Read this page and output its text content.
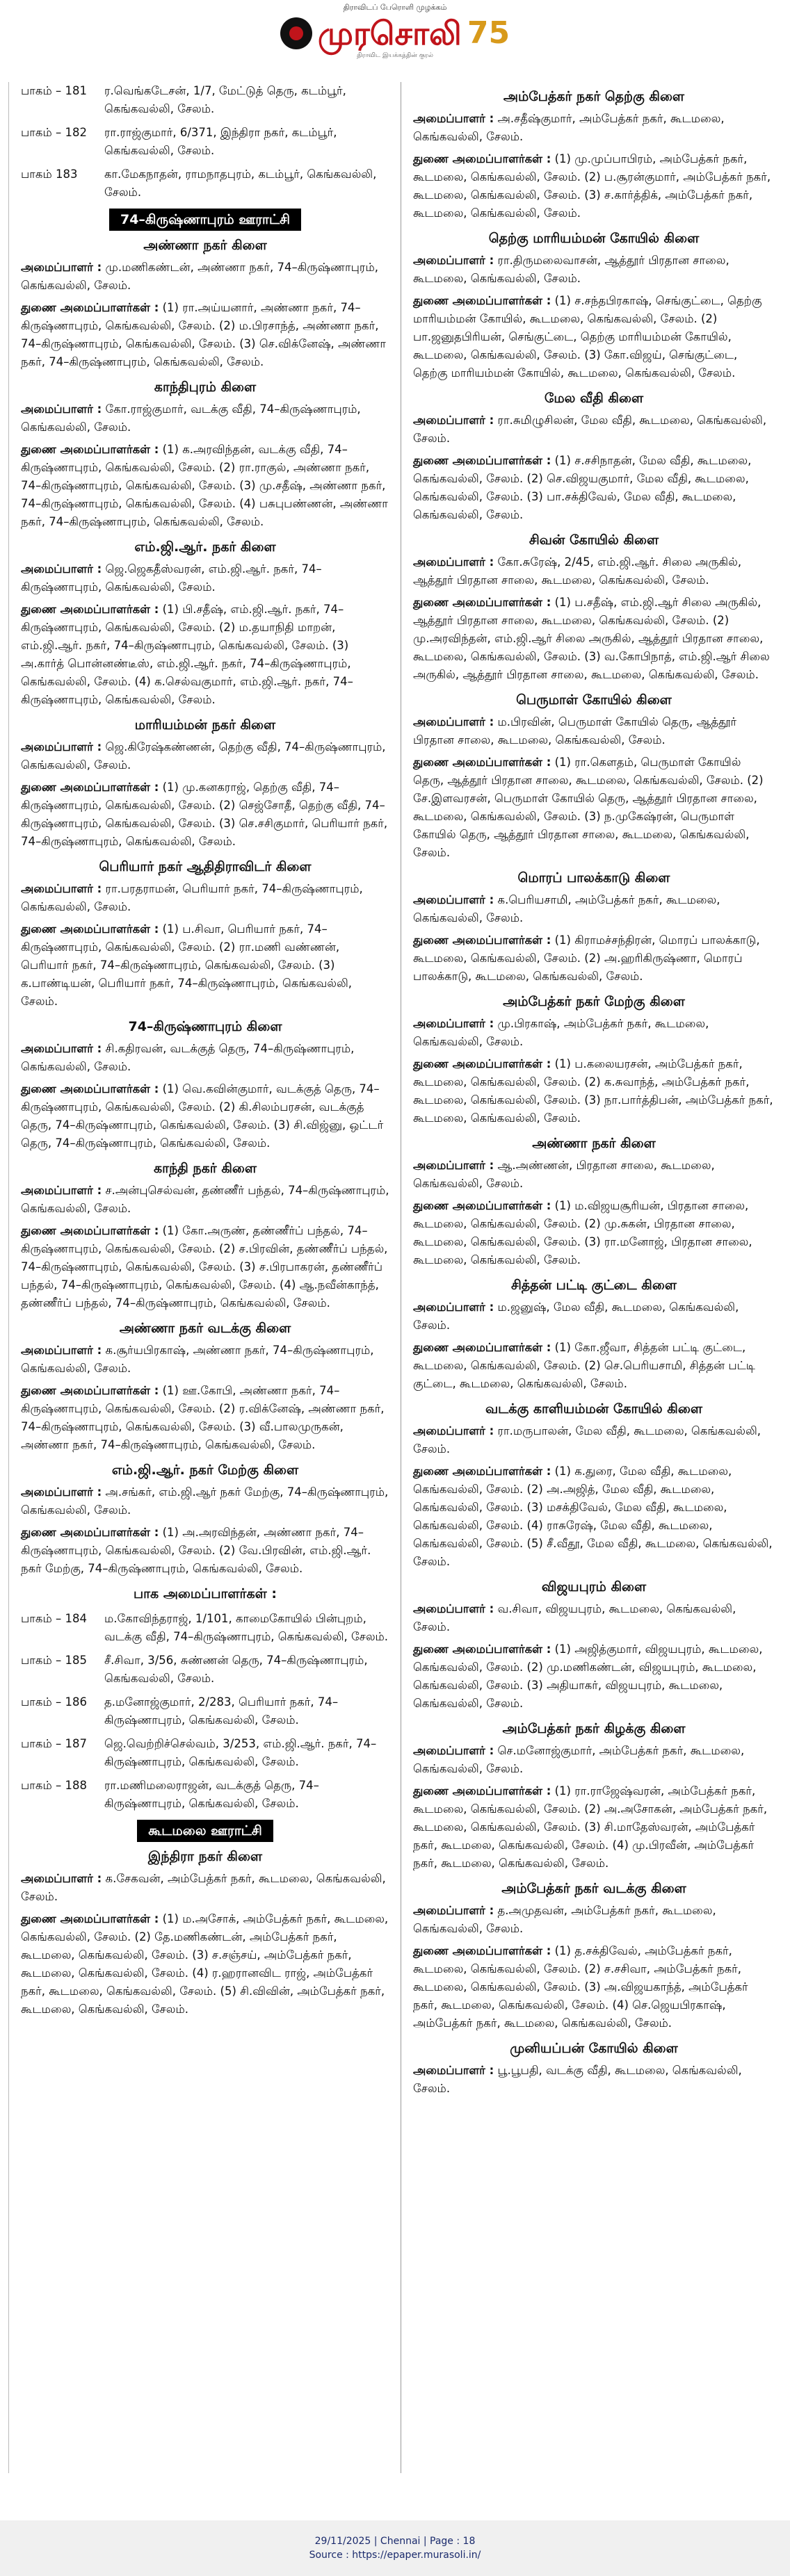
திராவிடப் பேரொளி முழக்கம்
முரசொலி 75
திராவிட இயக்கத்தின் குரல்
பாகம் – 181	ர.வெங்கடேசன், 1/7, மேட்டுத் தெரு, கடம்பூர், கெங்கவல்லி, சேலம்.
பாகம் – 182	ரா.ராஜ்குமார், 6/371, இந்திரா நகர், கடம்பூர், கெங்கவல்லி, சேலம்.
பாகம் 183	கா.மேகநாதன், ராமநாதபுரம், கடம்பூர், கெங்கவல்லி, சேலம்.
74–கிருஷ்ணாபுரம் ஊராட்சி
அண்ணா நகர் கிளை

அமைப்பாளர் : மு.மணிகண்டன், அண்ணா நகர், 74–கிருஷ்ணாபுரம், கெங்கவல்லி, சேலம்.

துணை அமைப்பாளர்கள் : (1) ரா.அய்யனார், அண்ணா நகர், 74–கிருஷ்ணாபுரம், கெங்கவல்லி, சேலம். (2) ம.பிரசாந்த், அண்ணா நகர், 74–கிருஷ்ணாபுரம், கெங்கவல்லி, சேலம். (3) செ.விக்னேஷ், அண்ணா நகர், 74–கிருஷ்ணாபுரம், கெங்கவல்லி, சேலம்.

காந்திபுரம் கிளை

அமைப்பாளர் : கோ.ராஜ்குமார், வடக்கு வீதி, 74–கிருஷ்ணாபுரம், கெங்கவல்லி, சேலம்.

துணை அமைப்பாளர்கள் : (1) க.அரவிந்தன், வடக்கு வீதி, 74–கிருஷ்ணாபுரம், கெங்கவல்லி, சேலம். (2) ரா.ராகுல், அண்ணா நகர், 74–கிருஷ்ணாபுரம், கெங்கவல்லி, சேலம். (3) மு.சதீஷ், அண்ணா நகர், 74–கிருஷ்ணாபுரம், கெங்கவல்லி, சேலம். (4) பசுபுபண்ணன், அண்ணா நகர், 74–கிருஷ்ணாபுரம், கெங்கவல்லி, சேலம்.

எம்.ஜி.ஆர். நகர் கிளை

அமைப்பாளர் : ஜெ.ஜெகதீஸ்வரன், எம்.ஜி.ஆர். நகர், 74–கிருஷ்ணாபுரம், கெங்கவல்லி, சேலம்.

துணை அமைப்பாளர்கள் : (1) பி.சதீஷ், எம்.ஜி.ஆர். நகர், 74–கிருஷ்ணாபுரம், கெங்கவல்லி, சேலம். (2) ம.தயாநிதி மாறன், எம்.ஜி.ஆர். நகர், 74–கிருஷ்ணாபுரம், கெங்கவல்லி, சேலம். (3) அ.கார்த் பொன்னண்டீஸ், எம்.ஜி.ஆர். நகர், 74–கிருஷ்ணாபுரம், கெங்கவல்லி, சேலம். (4) க.செல்வகுமார், எம்.ஜி.ஆர். நகர், 74–கிருஷ்ணாபுரம், கெங்கவல்லி, சேலம்.

மாரியம்மன் நகர் கிளை

அமைப்பாளர் : ஜெ.கிரேஷ்கண்ணன், தெற்கு வீதி, 74–கிருஷ்ணாபுரம், கெங்கவல்லி, சேலம்.

துணை அமைப்பாளர்கள் : (1) மு.கனகராஜ், தெற்கு வீதி, 74–கிருஷ்ணாபுரம், கெங்கவல்லி, சேலம். (2) செஜ்சோதீ, தெற்கு வீதி, 74–கிருஷ்ணாபுரம், கெங்கவல்லி, சேலம். (3) செ.சசிகுமார், பெரியார் நகர், 74–கிருஷ்ணாபுரம், கெங்கவல்லி, சேலம்.

பெரியார் நகர் ஆதிதிராவிடர் கிளை

அமைப்பாளர் : ரா.பரதராமன், பெரியார் நகர், 74–கிருஷ்ணாபுரம், கெங்கவல்லி, சேலம்.

துணை அமைப்பாளர்கள் : (1) ப.சிவா, பெரியார் நகர், 74–கிருஷ்ணாபுரம், கெங்கவல்லி, சேலம். (2) ரா.மணி வண்ணன், பெரியார் நகர், 74–கிருஷ்ணாபுரம், கெங்கவல்லி, சேலம். (3) க.பாண்டியன், பெரியார் நகர், 74–கிருஷ்ணாபுரம், கெங்கவல்லி, சேலம்.

74–கிருஷ்ணாபுரம் கிளை

அமைப்பாளர் : சி.கதிரவன், வடக்குத் தெரு, 74–கிருஷ்ணாபுரம், கெங்கவல்லி, சேலம்.

துணை அமைப்பாளர்கள் : (1) வெ.கவின்குமார், வடக்குத் தெரு, 74–கிருஷ்ணாபுரம், கெங்கவல்லி, சேலம். (2) கி.சிலம்பரசன், வடக்குத் தெரு, 74–கிருஷ்ணாபுரம், கெங்கவல்லி, சேலம். (3) சி.விஜ்னு, ஒட்டர் தெரு, 74–கிருஷ்ணாபுரம், கெங்கவல்லி, சேலம்.

காந்தி நகர் கிளை

அமைப்பாளர் : ச.அன்புசெல்வன், தண்ணீர் பந்தல், 74–கிருஷ்ணாபுரம், கெங்கவல்லி, சேலம்.

துணை அமைப்பாளர்கள் : (1) கோ.அருண், தண்ணீர்ப் பந்தல், 74–கிருஷ்ணாபுரம், கெங்கவல்லி, சேலம். (2) ச.பிரவின், தண்ணீர்ப் பந்தல், 74–கிருஷ்ணாபுரம், கெங்கவல்லி, சேலம். (3) ச.பிரபாகரன், தண்ணீர்ப் பந்தல், 74–கிருஷ்ணாபுரம், கெங்கவல்லி, சேலம். (4) ஆ.நவீன்காந்த், தண்ணீர்ப் பந்தல், 74–கிருஷ்ணாபுரம், கெங்கவல்லி, சேலம்.

அண்ணா நகர் வடக்கு கிளை

அமைப்பாளர் : க.சூர்யபிரகாஷ், அண்ணா நகர், 74–கிருஷ்ணாபுரம், கெங்கவல்லி, சேலம்.

துணை அமைப்பாளர்கள் : (1) ஊ.கோபி, அண்ணா நகர், 74–கிருஷ்ணாபுரம், கெங்கவல்லி, சேலம். (2) ர.விக்னேஷ், அண்ணா நகர், 74–கிருஷ்ணாபுரம், கெங்கவல்லி, சேலம். (3) வீ.பாலமுருகன், அண்ணா நகர், 74–கிருஷ்ணாபுரம், கெங்கவல்லி, சேலம்.

எம்.ஜி.ஆர். நகர் மேற்கு கிளை

அமைப்பாளர் : அ.சங்கர், எம்.ஜி.ஆர் நகர் மேற்கு, 74–கிருஷ்ணாபுரம், கெங்கவல்லி, சேலம்.

துணை அமைப்பாளர்கள் : (1) அ.அரவிந்தன், அண்ணா நகர், 74–கிருஷ்ணாபுரம், கெங்கவல்லி, சேலம். (2) வே.பிரவின், எம்.ஜி.ஆர். நகர் மேற்கு, 74–கிருஷ்ணாபுரம், கெங்கவல்லி, சேலம்.

பாக அமைப்பாளர்கள் :
பாகம் – 184	ம.கோவிந்தராஜ், 1/101, காமைகோயில் பின்புறம், வடக்கு வீதி, 74–கிருஷ்ணாபுரம், கெங்கவல்லி, சேலம்.
பாகம் – 185	சீ.சிவா, 3/56, சுண்ணன் தெரு, 74–கிருஷ்ணாபுரம், கெங்கவல்லி, சேலம்.
பாகம் – 186	த.மனோஜ்குமார், 2/283, பெரியார் நகர், 74–கிருஷ்ணாபுரம், கெங்கவல்லி, சேலம்.
பாகம் – 187	ஜெ.வெற்றிச்செல்வம், 3/253, எம்.ஜி.ஆர். நகர், 74–கிருஷ்ணாபுரம், கெங்கவல்லி, சேலம்.
பாகம் – 188	ரா.மணிமலைராஜன், வடக்குத் தெரு, 74–கிருஷ்ணாபுரம், கெங்கவல்லி, சேலம்.
கூடமலை ஊராட்சி
இந்திரா நகர் கிளை

அமைப்பாளர் : க.சேகவன், அம்பேத்கர் நகர், கூடமலை, கெங்கவல்லி, சேலம்.

துணை அமைப்பாளர்கள் : (1) ம.அசோக், அம்பேத்கர் நகர், கூடமலை, கெங்கவல்லி, சேலம். (2) தே.மணிகண்டன், அம்பேத்கர் நகர், கூடமலை, கெங்கவல்லி, சேலம். (3) ச.சஞ்சய், அம்பேத்கர் நகர், கூடமலை, கெங்கவல்லி, சேலம். (4) ர.ஹரானவிட ராஜ், அம்பேத்கர் நகர், கூடமலை, கெங்கவல்லி, சேலம். (5) சி.விவின், அம்பேத்கர் நகர், கூடமலை, கெங்கவல்லி, சேலம்.

அம்பேத்கர் நகர் தெற்கு கிளை

அமைப்பாளர் : அ.சதீஷ்குமார், அம்பேத்கர் நகர், கூடமலை, கெங்கவல்லி, சேலம்.

துணை அமைப்பாளர்கள் : (1) மு.முப்பாபிரம், அம்பேத்கர் நகர், கூடமலை, கெங்கவல்லி, சேலம். (2) ப.சூரன்குமார், அம்பேத்கர் நகர், கூடமலை, கெங்கவல்லி, சேலம். (3) ச.கார்த்திக், அம்பேத்கர் நகர், கூடமலை, கெங்கவல்லி, சேலம்.

தெற்கு மாரியம்மன் கோயில் கிளை

அமைப்பாளர் : ரா.திருமலைவாசன், ஆத்தூர் பிரதான சாலை, கூடமலை, கெங்கவல்லி, சேலம்.

துணை அமைப்பாளர்கள் : (1) ச.சந்தபிரகாஷ், செங்குட்டை, தெற்கு மாரியம்மன் கோயில், கூடமலை, கெங்கவல்லி, சேலம். (2) பா.ஜனுதபிரியன், செங்குட்டை, தெற்கு மாரியம்மன் கோயில், கூடமலை, கெங்கவல்லி, சேலம். (3) கோ.விஜய், செங்குட்டை, தெற்கு மாரியம்மன் கோயில், கூடமலை, கெங்கவல்லி, சேலம்.

மேல வீதி கிளை

அமைப்பாளர் : ரா.சுமிழுசிலன், மேல வீதி, கூடமலை, கெங்கவல்லி, சேலம்.

துணை அமைப்பாளர்கள் : (1) ச.சசிநாதன், மேல வீதி, கூடமலை, கெங்கவல்லி, சேலம். (2) செ.விஜயகுமார், மேல வீதி, கூடமலை, கெங்கவல்லி, சேலம். (3) பா.சக்திவேல், மேல வீதி, கூடமலை, கெங்கவல்லி, சேலம்.

சிவன் கோயில் கிளை

அமைப்பாளர் : கோ.சுரேஷ், 2/45, எம்.ஜி.ஆர். சிலை அருகில், ஆத்தூர் பிரதான சாலை, கூடமலை, கெங்கவல்லி, சேலம்.

துணை அமைப்பாளர்கள் : (1) ப.சதீஷ், எம்.ஜி.ஆர் சிலை அருகில், ஆத்தூர் பிரதான சாலை, கூடமலை, கெங்கவல்லி, சேலம். (2) மு.அரவிந்தன், எம்.ஜி.ஆர் சிலை அருகில், ஆத்தூர் பிரதான சாலை, கூடமலை, கெங்கவல்லி, சேலம். (3) வ.கோபிநாத், எம்.ஜி.ஆர் சிலை அருகில், ஆத்தூர் பிரதான சாலை, கூடமலை, கெங்கவல்லி, சேலம்.

பெருமாள் கோயில் கிளை

அமைப்பாளர் : ம.பிரவின், பெருமாள் கோயில் தெரு, ஆத்தூர் பிரதான சாலை, கூடமலை, கெங்கவல்லி, சேலம்.

துணை அமைப்பாளர்கள் : (1) ரா.கௌதம், பெருமாள் கோயில் தெரு, ஆத்தூர் பிரதான சாலை, கூடமலை, கெங்கவல்லி, சேலம். (2) சே.இளவரசன், பெருமாள் கோயில் தெரு, ஆத்தூர் பிரதான சாலை, கூடமலை, கெங்கவல்லி, சேலம். (3) ந.முகேஷ்ரன், பெருமாள் கோயில் தெரு, ஆத்தூர் பிரதான சாலை, கூடமலை, கெங்கவல்லி, சேலம்.

மொரப் பாலக்காடு கிளை

அமைப்பாளர் : க.பெரியசாமி, அம்பேத்கர் நகர், கூடமலை, கெங்கவல்லி, சேலம்.

துணை அமைப்பாளர்கள் : (1) கிராமச்சந்திரன், மொரப் பாலக்காடு, கூடமலை, கெங்கவல்லி, சேலம். (2) அ.ஹரிகிருஷ்ணா, மொரப் பாலக்காடு, கூடமலை, கெங்கவல்லி, சேலம்.

அம்பேத்கர் நகர் மேற்கு கிளை

அமைப்பாளர் : மு.பிரகாஷ், அம்பேத்கர் நகர், கூடமலை, கெங்கவல்லி, சேலம்.

துணை அமைப்பாளர்கள் : (1) ப.கலையரசன், அம்பேத்கர் நகர், கூடமலை, கெங்கவல்லி, சேலம். (2) க.சுவாந்த், அம்பேத்கர் நகர், கூடமலை, கெங்கவல்லி, சேலம். (3) நா.பார்த்திபன், அம்பேத்கர் நகர், கூடமலை, கெங்கவல்லி, சேலம்.

அண்ணா நகர் கிளை

அமைப்பாளர் : ஆ.அண்ணன், பிரதான சாலை, கூடமலை, கெங்கவல்லி, சேலம்.

துணை அமைப்பாளர்கள் : (1) ம.விஜயசூரியன், பிரதான சாலை, கூடமலை, கெங்கவல்லி, சேலம். (2) மு.சுகன், பிரதான சாலை, கூடமலை, கெங்கவல்லி, சேலம். (3) ரா.மனோஜ், பிரதான சாலை, கூடமலை, கெங்கவல்லி, சேலம்.

சித்தன் பட்டி குட்டை கிளை

அமைப்பாளர் : ம.ஜனுஷ், மேல வீதி, கூடமலை, கெங்கவல்லி, சேலம்.

துணை அமைப்பாளர்கள் : (1) கோ.ஜீவா, சித்தன் பட்டி குட்டை, கூடமலை, கெங்கவல்லி, சேலம். (2) செ.பெரியசாமி, சித்தன் பட்டி குட்டை, கூடமலை, கெங்கவல்லி, சேலம்.

வடக்கு காளியம்மன் கோயில் கிளை

அமைப்பாளர் : ரா.மருபாலன், மேல வீதி, கூடமலை, கெங்கவல்லி, சேலம்.

துணை அமைப்பாளர்கள் : (1) க.துரை, மேல வீதி, கூடமலை, கெங்கவல்லி, சேலம். (2) அ.அஜித், மேல வீதி, கூடமலை, கெங்கவல்லி, சேலம். (3) மசக்திவேல், மேல வீதி, கூடமலை, கெங்கவல்லி, சேலம். (4) ராசுரேஷ், மேல வீதி, கூடமலை, கெங்கவல்லி, சேலம். (5) சீ.வீதூ, மேல வீதி, கூடமலை, கெங்கவல்லி, சேலம்.

விஜயபுரம் கிளை

அமைப்பாளர் : வ.சிவா, விஜயபுரம், கூடமலை, கெங்கவல்லி, சேலம்.

துணை அமைப்பாளர்கள் : (1) அஜித்குமார், விஜயபுரம், கூடமலை, கெங்கவல்லி, சேலம். (2) மு.மணிகண்டன், விஜயபுரம், கூடமலை, கெங்கவல்லி, சேலம். (3) அதியாகர், விஜயபுரம், கூடமலை, கெங்கவல்லி, சேலம்.

அம்பேத்கர் நகர் கிழக்கு கிளை

அமைப்பாளர் : செ.மனோஜ்குமார், அம்பேத்கர் நகர், கூடமலை, கெங்கவல்லி, சேலம்.

துணை அமைப்பாளர்கள் : (1) ரா.ராஜேஷ்வரன், அம்பேத்கர் நகர், கூடமலை, கெங்கவல்லி, சேலம். (2) அ.அசோகன், அம்பேத்கர் நகர், கூடமலை, கெங்கவல்லி, சேலம். (3) சி.மாதேஸ்வரன், அம்பேத்கர் நகர், கூடமலை, கெங்கவல்லி, சேலம். (4) மு.பிரவீன், அம்பேத்கர் நகர், கூடமலை, கெங்கவல்லி, சேலம்.

அம்பேத்கர் நகர் வடக்கு கிளை

அமைப்பாளர் : த.அமுதவன், அம்பேத்கர் நகர், கூடமலை, கெங்கவல்லி, சேலம்.

துணை அமைப்பாளர்கள் : (1) த.சக்திவேல், அம்பேத்கர் நகர், கூடமலை, கெங்கவல்லி, சேலம். (2) ச.சசிவா, அம்பேத்கர் நகர், கூடமலை, கெங்கவல்லி, சேலம். (3) அ.விஜயகாந்த், அம்பேத்கர் நகர், கூடமலை, கெங்கவல்லி, சேலம். (4) செ.ஜெயபிரகாஷ், அம்பேத்கர் நகர், கூடமலை, கெங்கவல்லி, சேலம்.

முனியப்பன் கோயில் கிளை

அமைப்பாளர் : பூ.பூபதி, வடக்கு வீதி, கூடமலை, கெங்கவல்லி, சேலம்.

29/11/2025 | Chennai | Page : 18
Source : https://epaper.murasoli.in/
